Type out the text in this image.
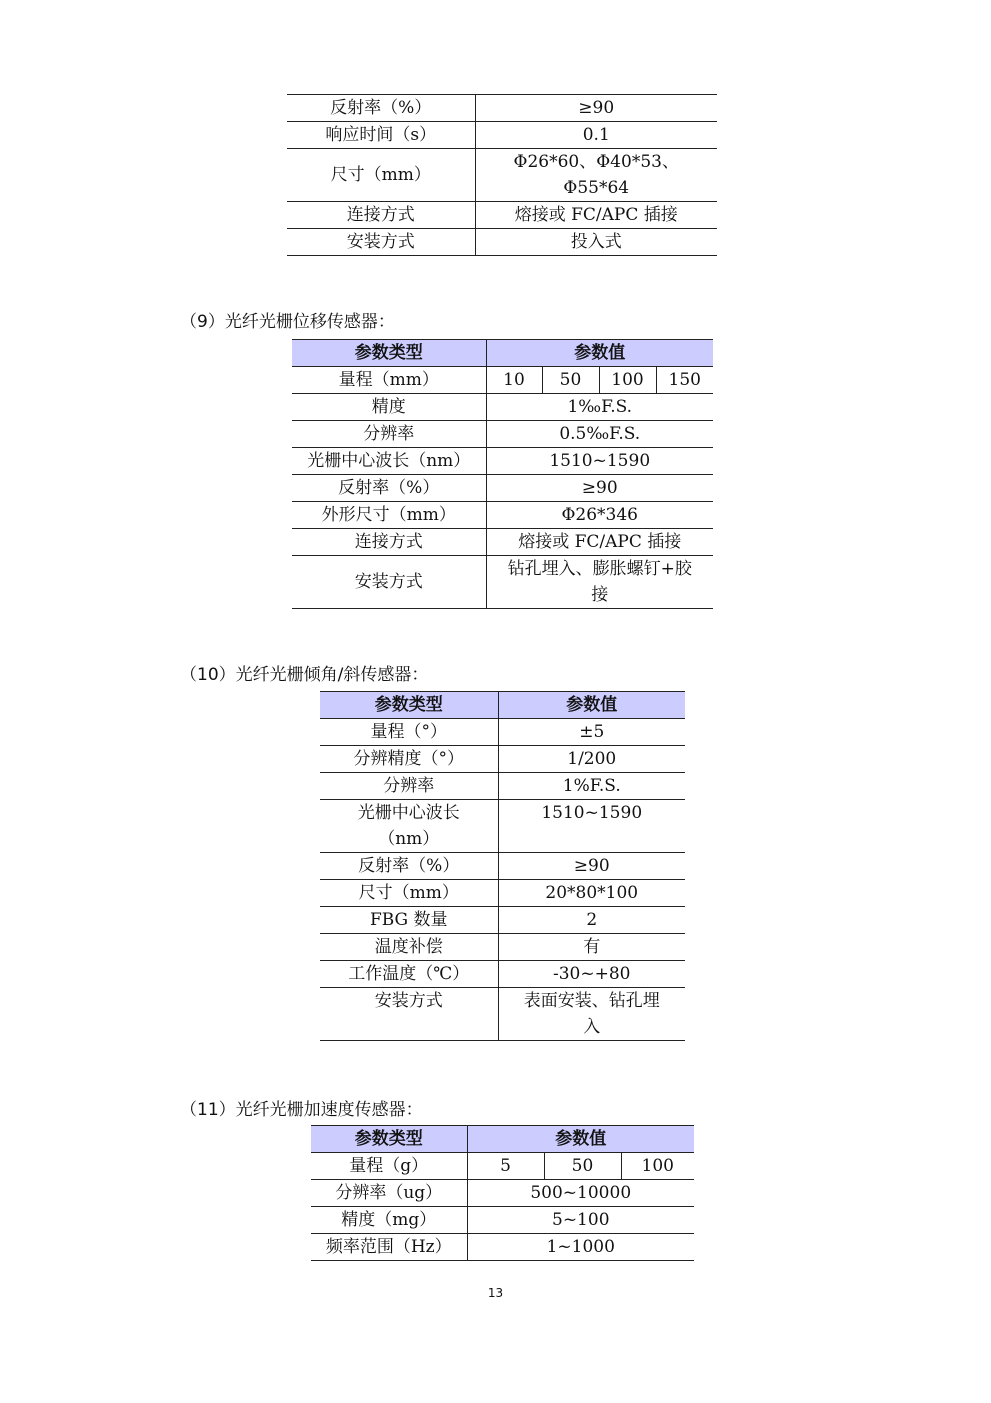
反射率（%）	≥90
响应时间（s）	0.1
尺寸（mm）	Φ26*60、Φ40*53、
Φ55*64

连接方式	熔接或 FC/APC 插接
安装方式	投入式
（9）光纤光栅位移传感器：
参数类型	参数值			
量程（mm）	10	50	100	150
精度	1‰F.S.			
分辨率	0.5‰F.S.			
光栅中心波长（nm）	1510~1590			
反射率（%）	≥90			
外形尺寸（mm）	Φ26*346			
连接方式	熔接或 FC/APC 插接			
安装方式	钻孔埋入、膨胀螺钉+胶
接			
（10）光纤光栅倾角/斜传感器：
参数类型	参数值
量程（°）	±5
分辨精度（°）	1/200
分辨率	1%F.S.

光栅中心波长
（nm）	1510~1590
反射率（%）	≥90
尺寸（mm）	20*80*100
FBG 数量	2
温度补偿	有
工作温度（℃）	-30~+80
安装方式	表面安装、钻孔埋
入
（11）光纤光栅加速度传感器：
参数类型	参数值		
量程（g）	5	50	100
分辨率（ug）	500~10000		
精度（mg）	5~100		
频率范围（Hz）	1~1000		
13
